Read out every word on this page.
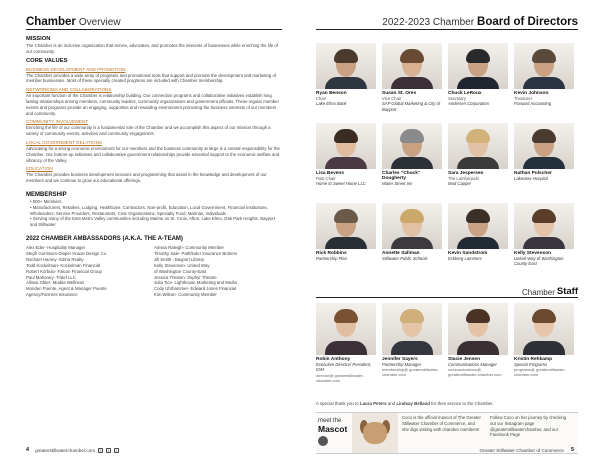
Chamber Overview
MISSION

The Chamber is an inclusive organization that serves, advocates, and promotes the interests of businesses while enriching the life of our community.

CORE VALUES
BUSINESS DEVELOPMENT AND PROMOTION

The Chamber provides a wide array of programs and promotional tools that support and promote the development and marketing of member businesses. Most of these specially created programs are included with Chamber membership.

NETWORKING AND COLLABORATIONS

An important function of the Chamber is relationship building. Our connection programs and collaborative initiatives establish long lasting relationships among members, community leaders, community organizations and government officials. These regular member events and programs provide an engaging, supportive and rewarding environment promoting the business interests of our members and community.

COMMUNITY INVOLVEMENT

Enriching the life of our community is a fundamental role of the Chamber and we accomplish this aspect of our mission through a variety of community events, activities and community engagement.

LOCAL GOVERNMENT RELATIONS

Advocating for a strong economic environment for our members and the business community at large is a central responsibility for the Chamber. Our bottom-up initiatives and collaborative government relationships provide essential support to the economic welfare and vibrancy of the Valley.

EDUCATION

The Chamber provides business development sessions and programming that assist in the knowledge and development of our members and we continue to grow our educational offerings.

MEMBERSHIP
• 500+ Members
• Manufacturers, Retailers, Lodging, Healthcare, Contractors, Non-profit, Education, Local Government, Financial Institutions, Wholesalers, Service Providers, Restaurants, Civic Organizations, Specialty Food, Marinas, Individuals
• Serving many of the East Metro Valley communities including Marine on St. Croix, Afton, Lake Elmo, Oak Park Heights, Bayport and Stillwater
2022 CHAMBER AMBASSADORS (A.K.A. THE A-TEAM)
Alex Eder- Hospitality Manager
Steph Gorrissen-Diaper House Design Co.
Rachael Harvey- Edina Realty
Todd Kockelman- Kockelman Financial
Robert Korbulo- Falcon Financial Group
Paul Mahoney- Tridef LLC
Allissa Obler- Mudita Wellness
Monden Puente, Agent & Manager Puente
Agency/Farmers Insurance
Anissa Raleigh- Community Member
Timothy Sale- Pathfinder Insurance Brokers
Jill Smith - Bayport Library
Kelly Stevenson- United Way
of Washington County-East
Jessica Theisen- Zephyr Theatre
Julia Tice- Lighthouse Marketing and Media
Cody Uhrhammer- Edward Jones Financial
Kim Wilson- Community Member
4 greaterstillwaterchamber.com	f	t	i
2022-2023 Chamber Board of Directors
Ryan Benson
Chair
Lake Elmo Bank
Susan St. Ores
Vice Chair
SAP Global Marketing & City of Bayport
Chuck LeRoux
Secretary
Andersen Corporation
Kevin Johnson
Treasurer
Forward Accounting
Lisa Bevens
Past Chair
Home to Sweet Home LLC
Charles "Chuck" Dougherty
Water Street Inn
Sara Jespersen
The Lumberjack/
Mad Capper
Nathan Pulscher
Lakeview Hospital
Rick Robbins
Partnership Plan
Annette Sallman
Stillwater Public Schools
Kevin Sandstrom
Eckberg Lammers
Kelly Stevenson
United Way of Washington County East
Chamber Staff
Robin Anthony
Executive Director/ President, IOM
director@ greaterstillwater-chamber.com
Jennifer Sayers
Partnership Manager
membership@ greaterstillwater-chamber.com
Stacie Jensen
Communications Manager
communications@ greaterstillwater-chamber.com
Kristin Rehkamp
Special Programs
programs@ greaterstillwater-chamber.com
A special thank you to Laura Peters and Lindsay Belland for their service to the Chamber.
meet the
Mascot
Coco is the official mascot of The Greater Stillwater Chamber of Commerce, and she digs visiting with chamber members!
Follow Coco on her journey by checking out our Instagram page @greaterstillwaterchamber, and our Facebook Page
Greater Stillwater Chamber of Commerce 5
